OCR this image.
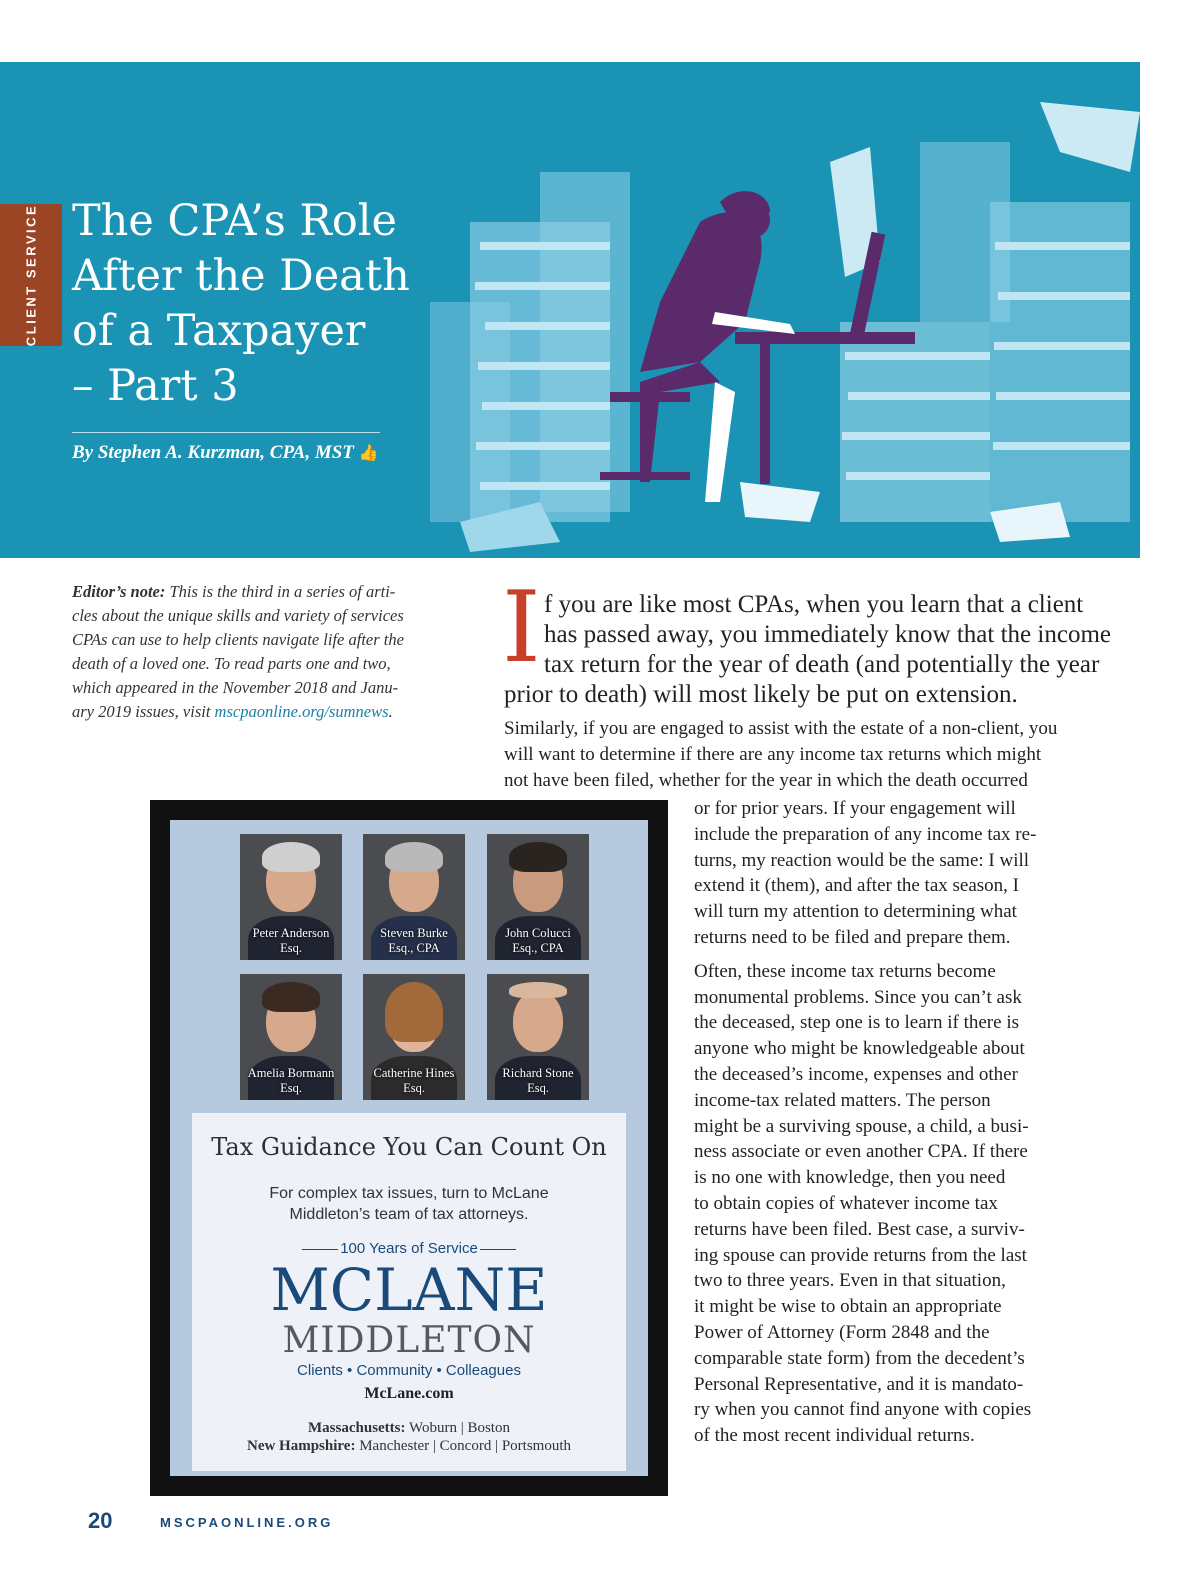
CLIENT SERVICE The CPA’s Role
After the Death
of a Taxpayer
– Part 3
By Stephen A. Kurzman, CPA, MST 👍
Editor’s note: This is the third in a series of arti-
cles about the unique skills and variety of services
CPAs can use to help clients navigate life after the
death of a loved one. To read parts one and two,
which appeared in the November 2018 and Janu-
ary 2019 issues, visit mscpaonline.org/sumnews.
I f you are like most CPAs, when you learn that a client
has passed away, you immediately know that the income
tax return for the year of death (and potentially the year
prior to death) will most likely be put on extension.
Similarly, if you are engaged to assist with the estate of a non-client, you
will want to determine if there are any income tax returns which might
not have been filed, whether for the year in which the death occurred

or for prior years. If your engagement will
include the preparation of any income tax re-
turns, my reaction would be the same: I will
extend it (them), and after the tax season, I
will turn my attention to determining what
returns need to be filed and prepare them.

Often, these income tax returns become
monumental problems. Since you can’t ask
the deceased, step one is to learn if there is
anyone who might be knowledgeable about
the deceased’s income, expenses and other
income-tax related matters. The person
might be a surviving spouse, a child, a busi-
ness associate or even another CPA. If there
is no one with knowledge, then you need
to obtain copies of whatever income tax
returns have been filed. Best case, a surviv-
ing spouse can provide returns from the last
two to three years. Even in that situation,
it might be wise to obtain an appropriate
Power of Attorney (Form 2848 and the
comparable state form) from the decedent’s
Personal Representative, and it is mandato-
ry when you cannot find anyone with copies
of the most recent individual returns.

Peter Anderson
Esq.
Steven Burke
Esq., CPA
John Colucci
Esq., CPA
Amelia Bormann
Esq.
Catherine Hines
Esq.
Richard Stone
Esq.
Tax Guidance You Can Count On
For complex tax issues, turn to McLane
Middleton’s team of tax attorneys.
100 Years of Service
MCLANE
MIDDLETON
Clients • Community • Colleagues
McLane.com
Massachusetts: Woburn | Boston
New Hampshire: Manchester | Concord | Portsmouth
20	MSCPAONLINE.ORG
